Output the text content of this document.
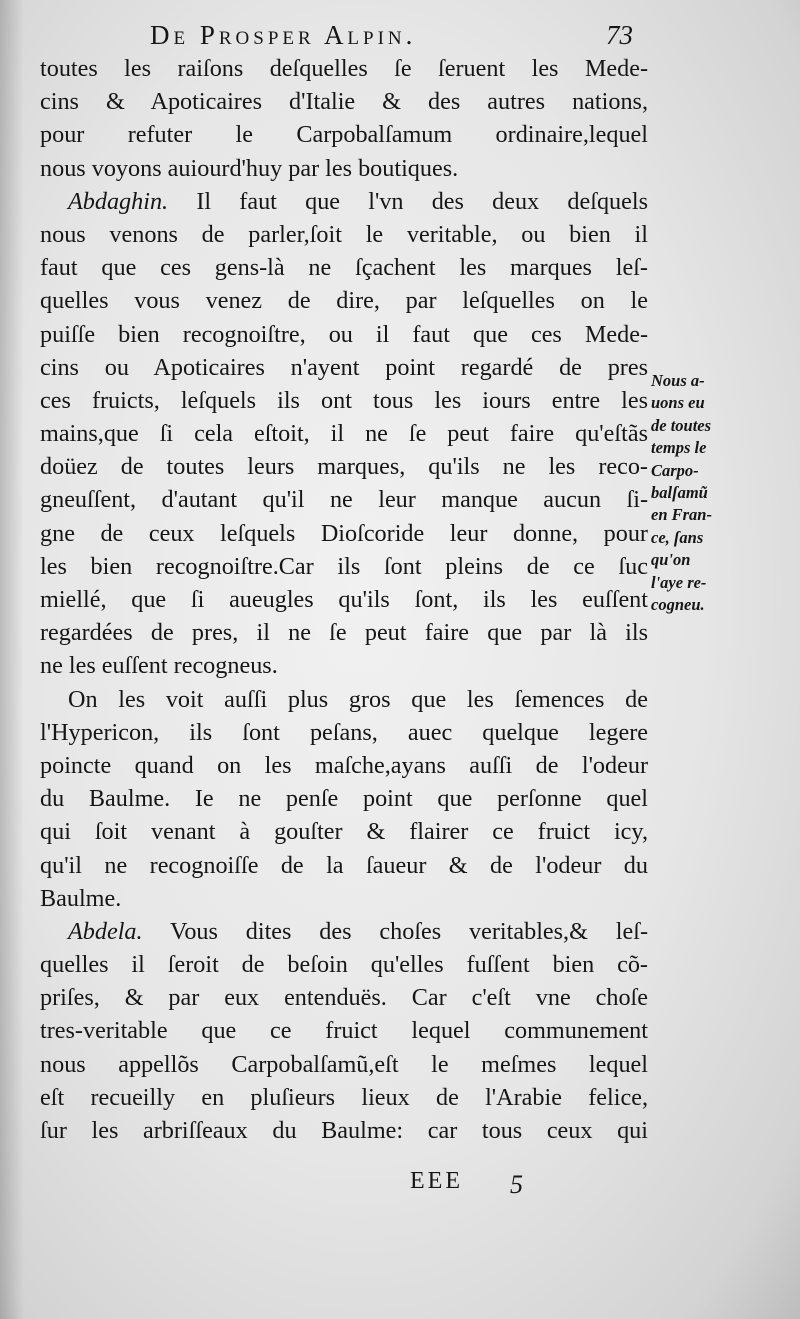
De Prosper Alpin.	73
toutes les raiſons deſquelles ſe ſeruent les Mede-
cins & Apoticaires d'Italie & des autres nations,
pour refuter le Carpobalſamum ordinaire,lequel
nous voyons auiourd'huy par les boutiques.
Abdaghin. Il faut que l'vn des deux deſquels
nous venons de parler,ſoit le veritable, ou bien il
faut que ces gens-là ne ſçachent les marques leſ-
quelles vous venez de dire, par leſquelles on le
puiſſe bien recognoiſtre, ou il faut que ces Mede-
cins ou Apoticaires n'ayent point regardé de pres
ces fruicts, leſquels ils ont tous les iours entre les
mains,que ſi cela eſtoit, il ne ſe peut faire qu'eſtãs
doüez de toutes leurs marques, qu'ils ne les reco-
gneuſſent, d'autant qu'il ne leur manque aucun ſi-
gne de ceux leſquels Dioſcoride leur donne, pour
les bien recognoiſtre.Car ils ſont pleins de ce ſuc
miellé, que ſi aueugles qu'ils ſont, ils les euſſent
regardées de pres, il ne ſe peut faire que par là ils
ne les euſſent recogneus.
On les voit auſſi plus gros que les ſemences de
l'Hypericon, ils ſont peſans, auec quelque legere
poincte quand on les maſche,ayans auſſi de l'odeur
du Baulme. Ie ne penſe point que perſonne quel
qui ſoit venant à gouſter & flairer ce fruict icy,
qu'il ne recognoiſſe de la ſaueur & de l'odeur du
Baulme.
Abdela. Vous dites des choſes veritables,& leſ-
quelles il ſeroit de beſoin qu'elles fuſſent bien cõ-
priſes, & par eux entenduës. Car c'eſt vne choſe
tres-veritable que ce fruict lequel communement
nous appellõs Carpobalſamũ,eſt le meſmes lequel
eſt recueilly en pluſieurs lieux de l'Arabie felice,
ſur les arbriſſeaux du Baulme: car tous ceux qui
Nous a-
uons eu
de toutes
temps le
Carpo-
balſamũ
en Fran-
ce, ſans
qu'on
l'aye re-
cogneu.
EEE 5
